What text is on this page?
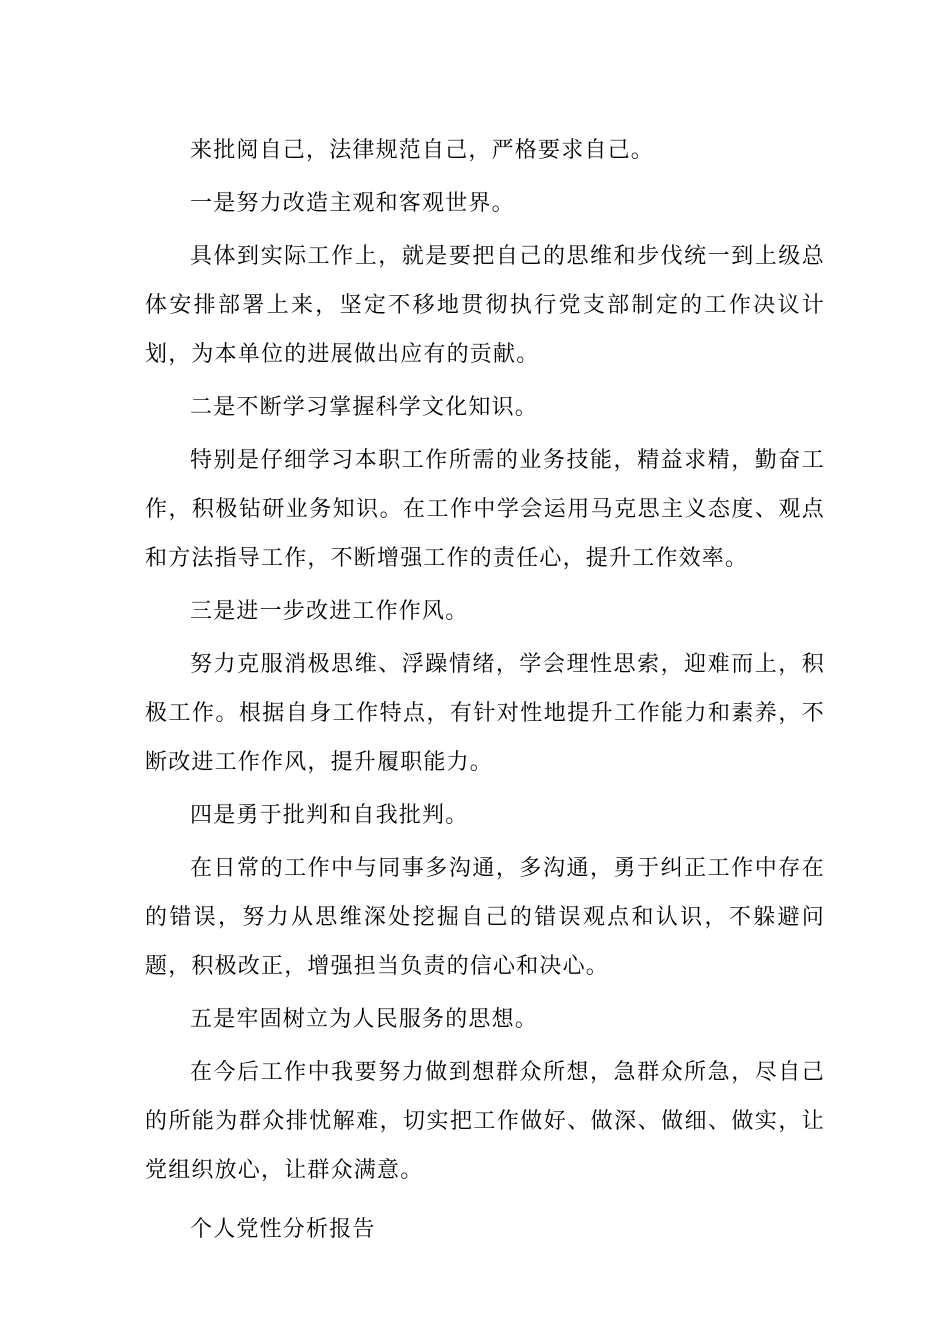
来批阅自己，法律规范自己，严格要求自己。

一是努力改造主观和客观世界。

具体到实际工作上，就是要把自己的思维和步伐统一到上级总体安排部署上来，坚定不移地贯彻执行党支部制定的工作决议计划，为本单位的进展做出应有的贡献。

二是不断学习掌握科学文化知识。

特别是仔细学习本职工作所需的业务技能，精益求精，勤奋工作，积极钻研业务知识。在工作中学会运用马克思主义态度、观点和方法指导工作，不断增强工作的责任心，提升工作效率。

三是进一步改进工作作风。

努力克服消极思维、浮躁情绪，学会理性思索，迎难而上，积极工作。根据自身工作特点，有针对性地提升工作能力和素养，不断改进工作作风，提升履职能力。

四是勇于批判和自我批判。

在日常的工作中与同事多沟通，多沟通，勇于纠正工作中存在的错误，努力从思维深处挖掘自己的错误观点和认识，不躲避问题，积极改正，增强担当负责的信心和决心。

五是牢固树立为人民服务的思想。

在今后工作中我要努力做到想群众所想，急群众所急，尽自己的所能为群众排忧解难，切实把工作做好、做深、做细、做实，让党组织放心，让群众满意。

个人党性分析报告
